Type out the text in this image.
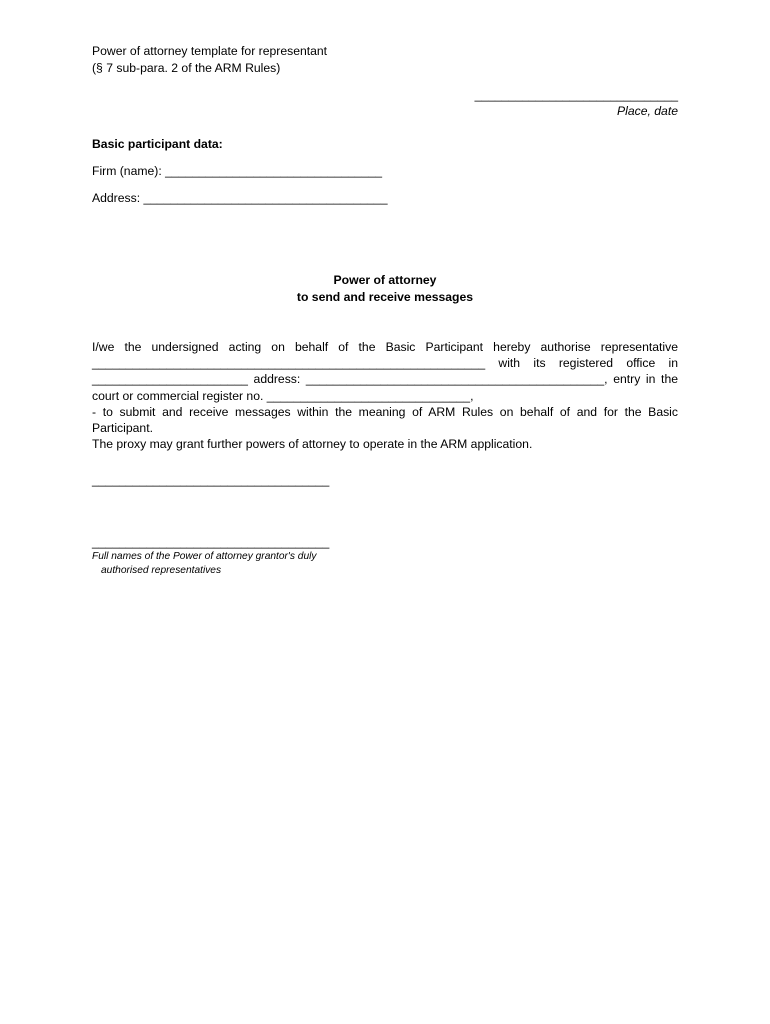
Power of attorney template for representant
(§ 7 sub-para. 2 of the ARM Rules)
______________________________
Place, date
Basic participant data:
Firm (name): ________________________________
Address: ____________________________________
Power of attorney
to send and receive messages

I/we the undersigned acting on behalf of the Basic Participant hereby authorise representative

__________________________________________________________ with its registered office in

_______________________ address: ____________________________________________, entry in the

court or commercial register no. ______________________________,

- to submit and receive messages within the meaning of ARM Rules on behalf of and for the Basic

Participant.

The proxy may grant further powers of attorney to operate in the ARM application.

___________________________________
___________________________________
Full names of the Power of attorney grantor's duly
authorised representatives
